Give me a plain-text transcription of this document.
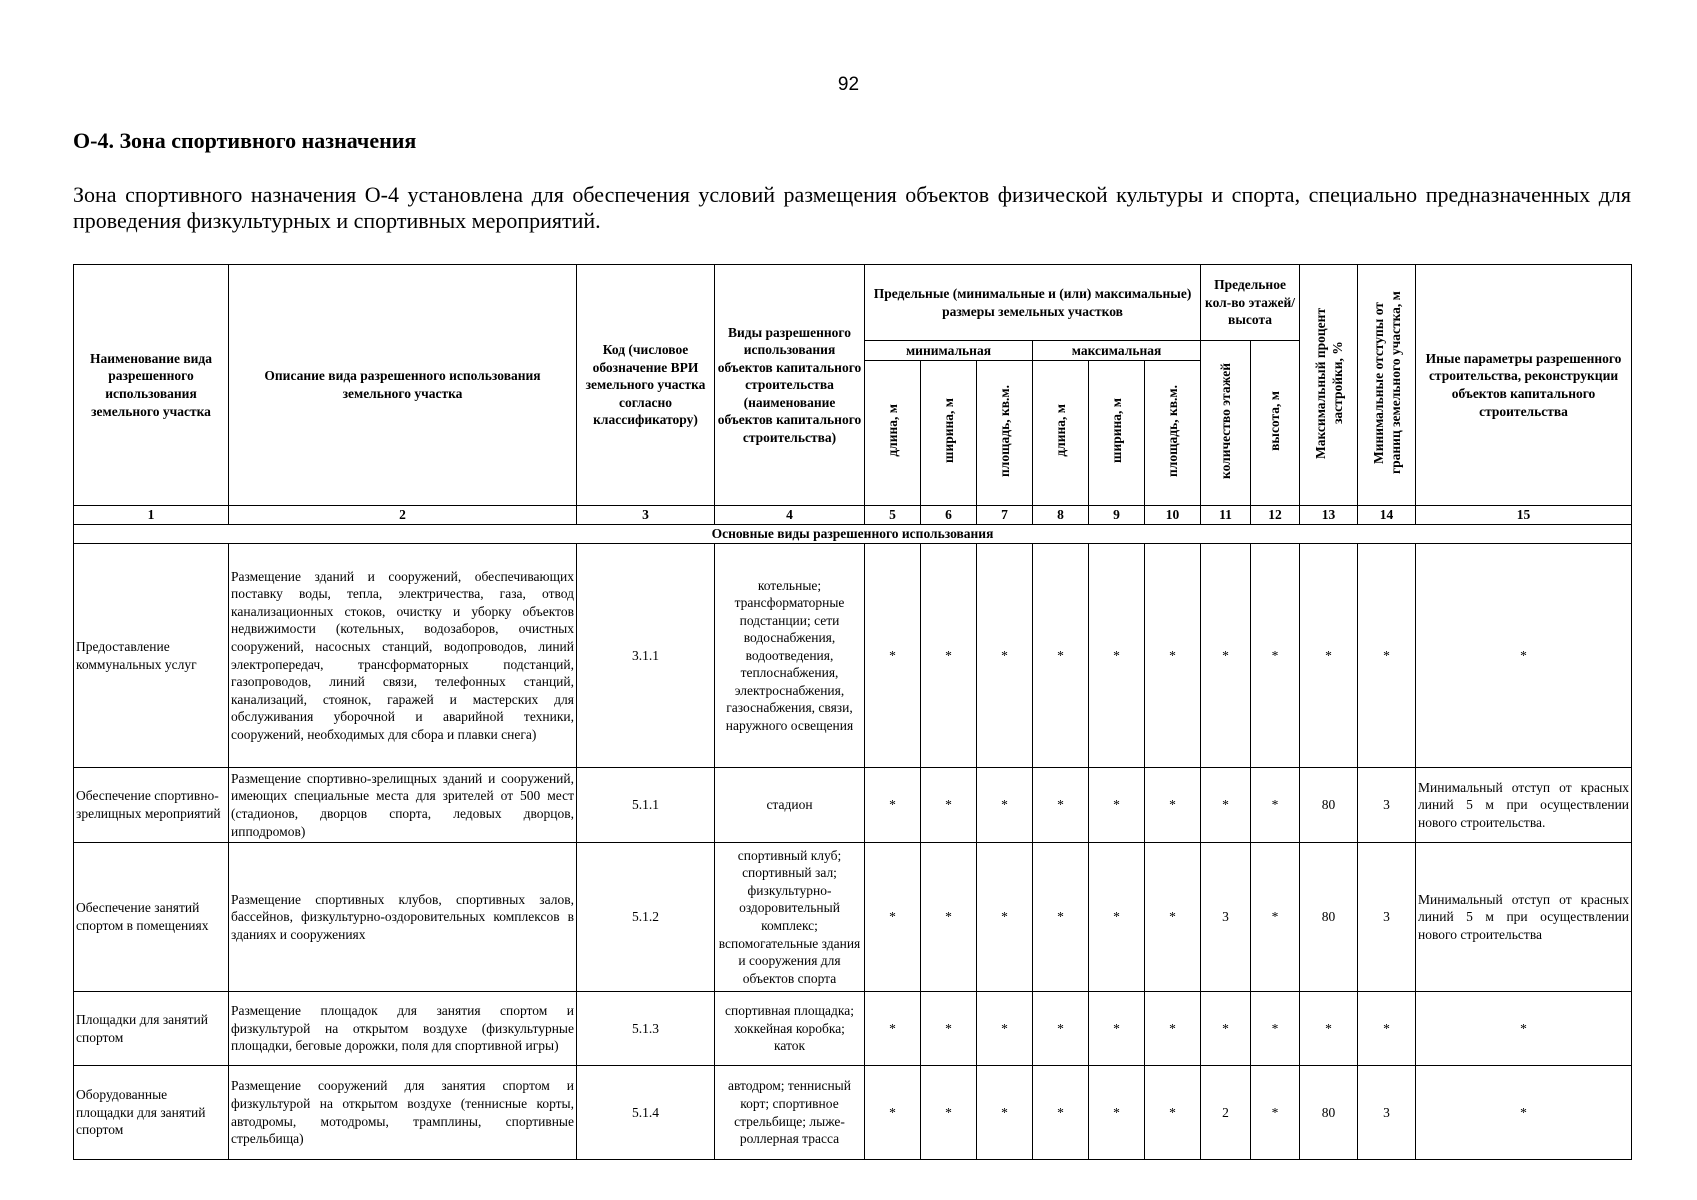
92
О-4. Зона спортивного назначения

Зона спортивного назначения О-4 установлена для обеспечения условий размещения объектов физической культуры и спорта, специально предназначенных для проведения физкультурных и спортивных мероприятий.

Наименование вида разрешенного использования земельного участка	Описание вида разрешенного использования земельного участка	Код (числовое обозначение ВРИ земельного участка согласно классификатору)	Виды разрешенного использования объектов капитального строительства (наименование объектов капитального строительства)	Предельные (минимальные и (или) максимальные) размеры земельных участков						Предельное кол-во этажей/ высота		Максимальный процент застройки, %	Минимальные отступы от границ земельного участка, м	Иные параметры разрешенного строительства, реконструкции объектов капитального строительства
				минимальная			максимальная			количество этажей	высота, м			
				длина, м	ширина, м	площадь, кв.м.	длина, м	ширина, м	площадь, кв.м.					
1	2	3	4	5	6	7	8	9	10	11	12	13	14	15
Основные виды разрешенного использования														
Предоставление коммунальных услуг	Размещение зданий и сооружений, обеспечивающих поставку воды, тепла, электричества, газа, отвод канализационных стоков, очистку и уборку объектов недвижимости (котельных, водозаборов, очистных сооружений, насосных станций, водопроводов, линий электропередач, трансформаторных подстанций, газопроводов, линий связи, телефонных станций, канализаций, стоянок, гаражей и мастерских для обслуживания уборочной и аварийной техники, сооружений, необходимых для сбора и плавки снега)	3.1.1	котельные; трансформаторные подстанции; сети водоснабжения, водоотведения, теплоснабжения, электроснабжения, газоснабжения, связи, наружного освещения	*	*	*	*	*	*	*	*	*	*	*
Обеспечение спортивно-зрелищных мероприятий	Размещение спортивно-зрелищных зданий и сооружений, имеющих специальные места для зрителей от 500 мест (стадионов, дворцов спорта, ледовых дворцов, ипподромов)	5.1.1	стадион	*	*	*	*	*	*	*	*	80	3	Минимальный отступ от красных линий 5 м при осуществлении нового строительства.
Обеспечение занятий спортом в помещениях	Размещение спортивных клубов, спортивных залов, бассейнов, физкультурно-оздоровительных комплексов в зданиях и сооружениях	5.1.2	спортивный клуб; спортивный зал; физкультурно-оздоровительный комплекс; вспомогательные здания и сооружения для объектов спорта	*	*	*	*	*	*	3	*	80	3	Минимальный отступ от красных линий 5 м при осуществлении нового строительства
Площадки для занятий спортом	Размещение площадок для занятия спортом и физкультурой на открытом воздухе (физкультурные площадки, беговые дорожки, поля для спортивной игры)	5.1.3	спортивная площадка; хоккейная коробка; каток	*	*	*	*	*	*	*	*	*	*	*
Оборудованные площадки для занятий спортом	Размещение сооружений для занятия спортом и физкультурой на открытом воздухе (теннисные корты, автодромы, мотодромы, трамплины, спортивные стрельбища)	5.1.4	автодром; теннисный корт; спортивное стрельбище; лыже-роллерная трасса	*	*	*	*	*	*	2	*	80	3	*
